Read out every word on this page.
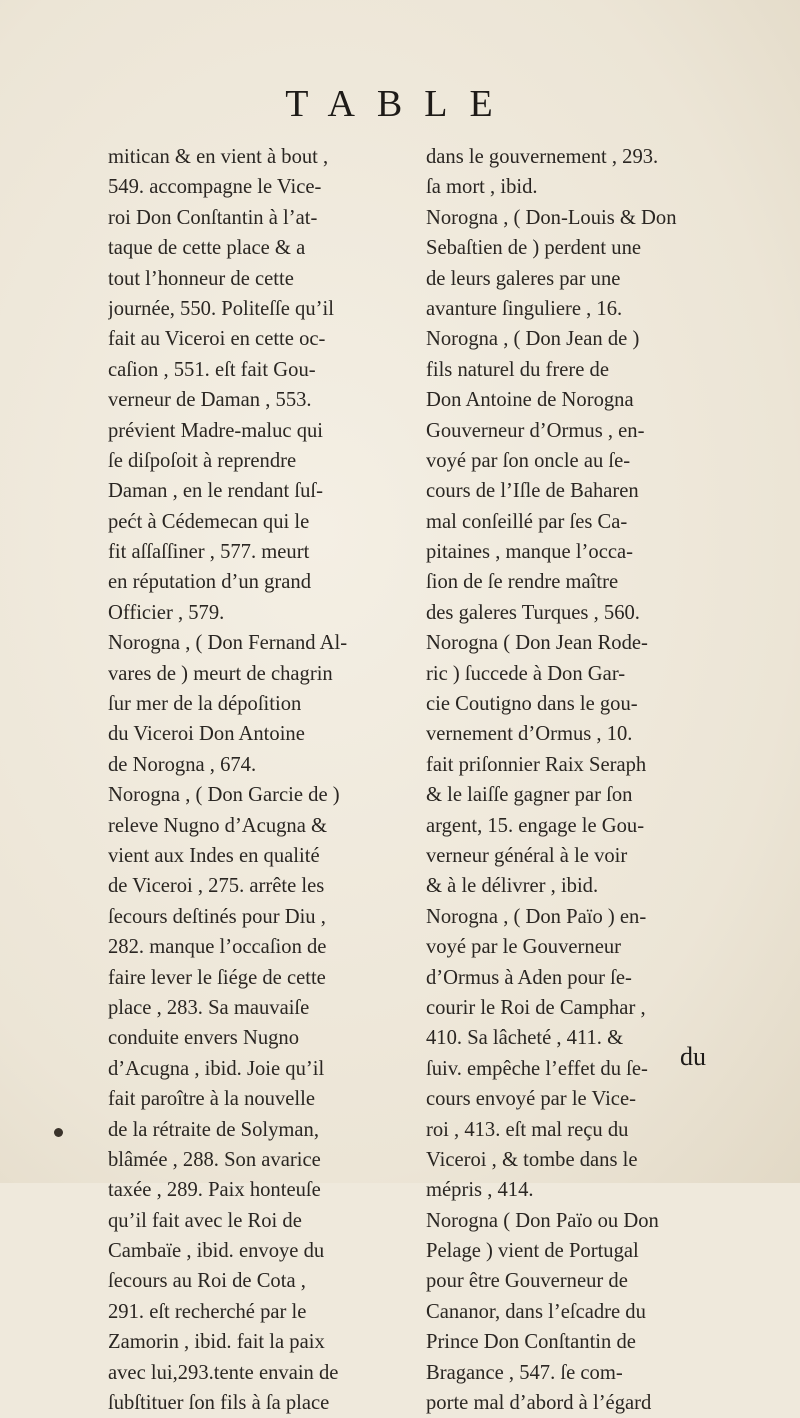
TABLE
mitican & en vient à bout ,
549. accompagne le Vice-
roi Don Conſtantin à l’at-
taque de cette place & a
tout l’honneur de cette
journée, 550. Politeſſe qu’il
fait au Viceroi en cette oc-
caſion , 551. eſt fait Gou-
verneur de Daman , 553.
prévient Madre-maluc qui
ſe diſpoſoit à reprendre
Daman , en le rendant ſuſ-
pećt à Cédemecan qui le
fit aſſaſſiner , 577. meurt
en réputation d’un grand
Officier , 579.
Norogna , ( Don Fernand Al-
vares de ) meurt de chagrin
ſur mer de la dépoſition
du Viceroi Don Antoine
de Norogna , 674.
Norogna , ( Don Garcie de )
releve Nugno d’Acugna &
vient aux Indes en qualité
de Viceroi , 275. arrête les
ſecours deſtinés pour Diu ,
282. manque l’occaſion de
faire lever le ſiége de cette
place , 283. Sa mauvaiſe
conduite envers Nugno
d’Acugna , ibid. Joie qu’il
fait paroître à la nouvelle
de la rétraite de Solyman,
blâmée , 288. Son avarice
taxée , 289. Paix honteuſe
qu’il fait avec le Roi de
Cambaïe , ibid. envoye du
ſecours au Roi de Cota ,
291. eſt recherché par le
Zamorin , ibid. fait la paix
avec lui,293.tente envain de
ſubſtituer ſon fils à ſa place
dans le gouvernement , 293.
ſa mort , ibid.
Norogna , ( Don-Louis & Don
Sebaſtien de ) perdent une
de leurs galeres par une
avanture ſinguliere , 16.
Norogna , ( Don Jean de )
fils naturel du frere de
Don Antoine de Norogna
Gouverneur d’Ormus , en-
voyé par ſon oncle au ſe-
cours de l’Iſle de Baharen
mal conſeillé par ſes Ca-
pitaines , manque l’occa-
ſion de ſe rendre maître
des galeres Turques , 560.
Norogna ( Don Jean Rode-
ric ) ſuccede à Don Gar-
cie Coutigno dans le gou-
vernement d’Ormus , 10.
fait priſonnier Raix Seraph
& le laiſſe gagner par ſon
argent, 15. engage le Gou-
verneur général à le voir
& à le délivrer , ibid.
Norogna , ( Don Païo ) en-
voyé par le Gouverneur
d’Ormus à Aden pour ſe-
courir le Roi de Camphar ,
410. Sa lâcheté , 411. &
ſuiv. empêche l’effet du ſe-
cours envoyé par le Vice-
roi , 413. eſt mal reçu du
Viceroi , & tombe dans le
mépris , 414.
Norogna ( Don Païo ou Don
Pelage ) vient de Portugal
pour être Gouverneur de
Cananor, dans l’eſcadre du
Prince Don Conſtantin de
Bragance , 547. ſe com-
porte mal d’abord à l’égard
du
